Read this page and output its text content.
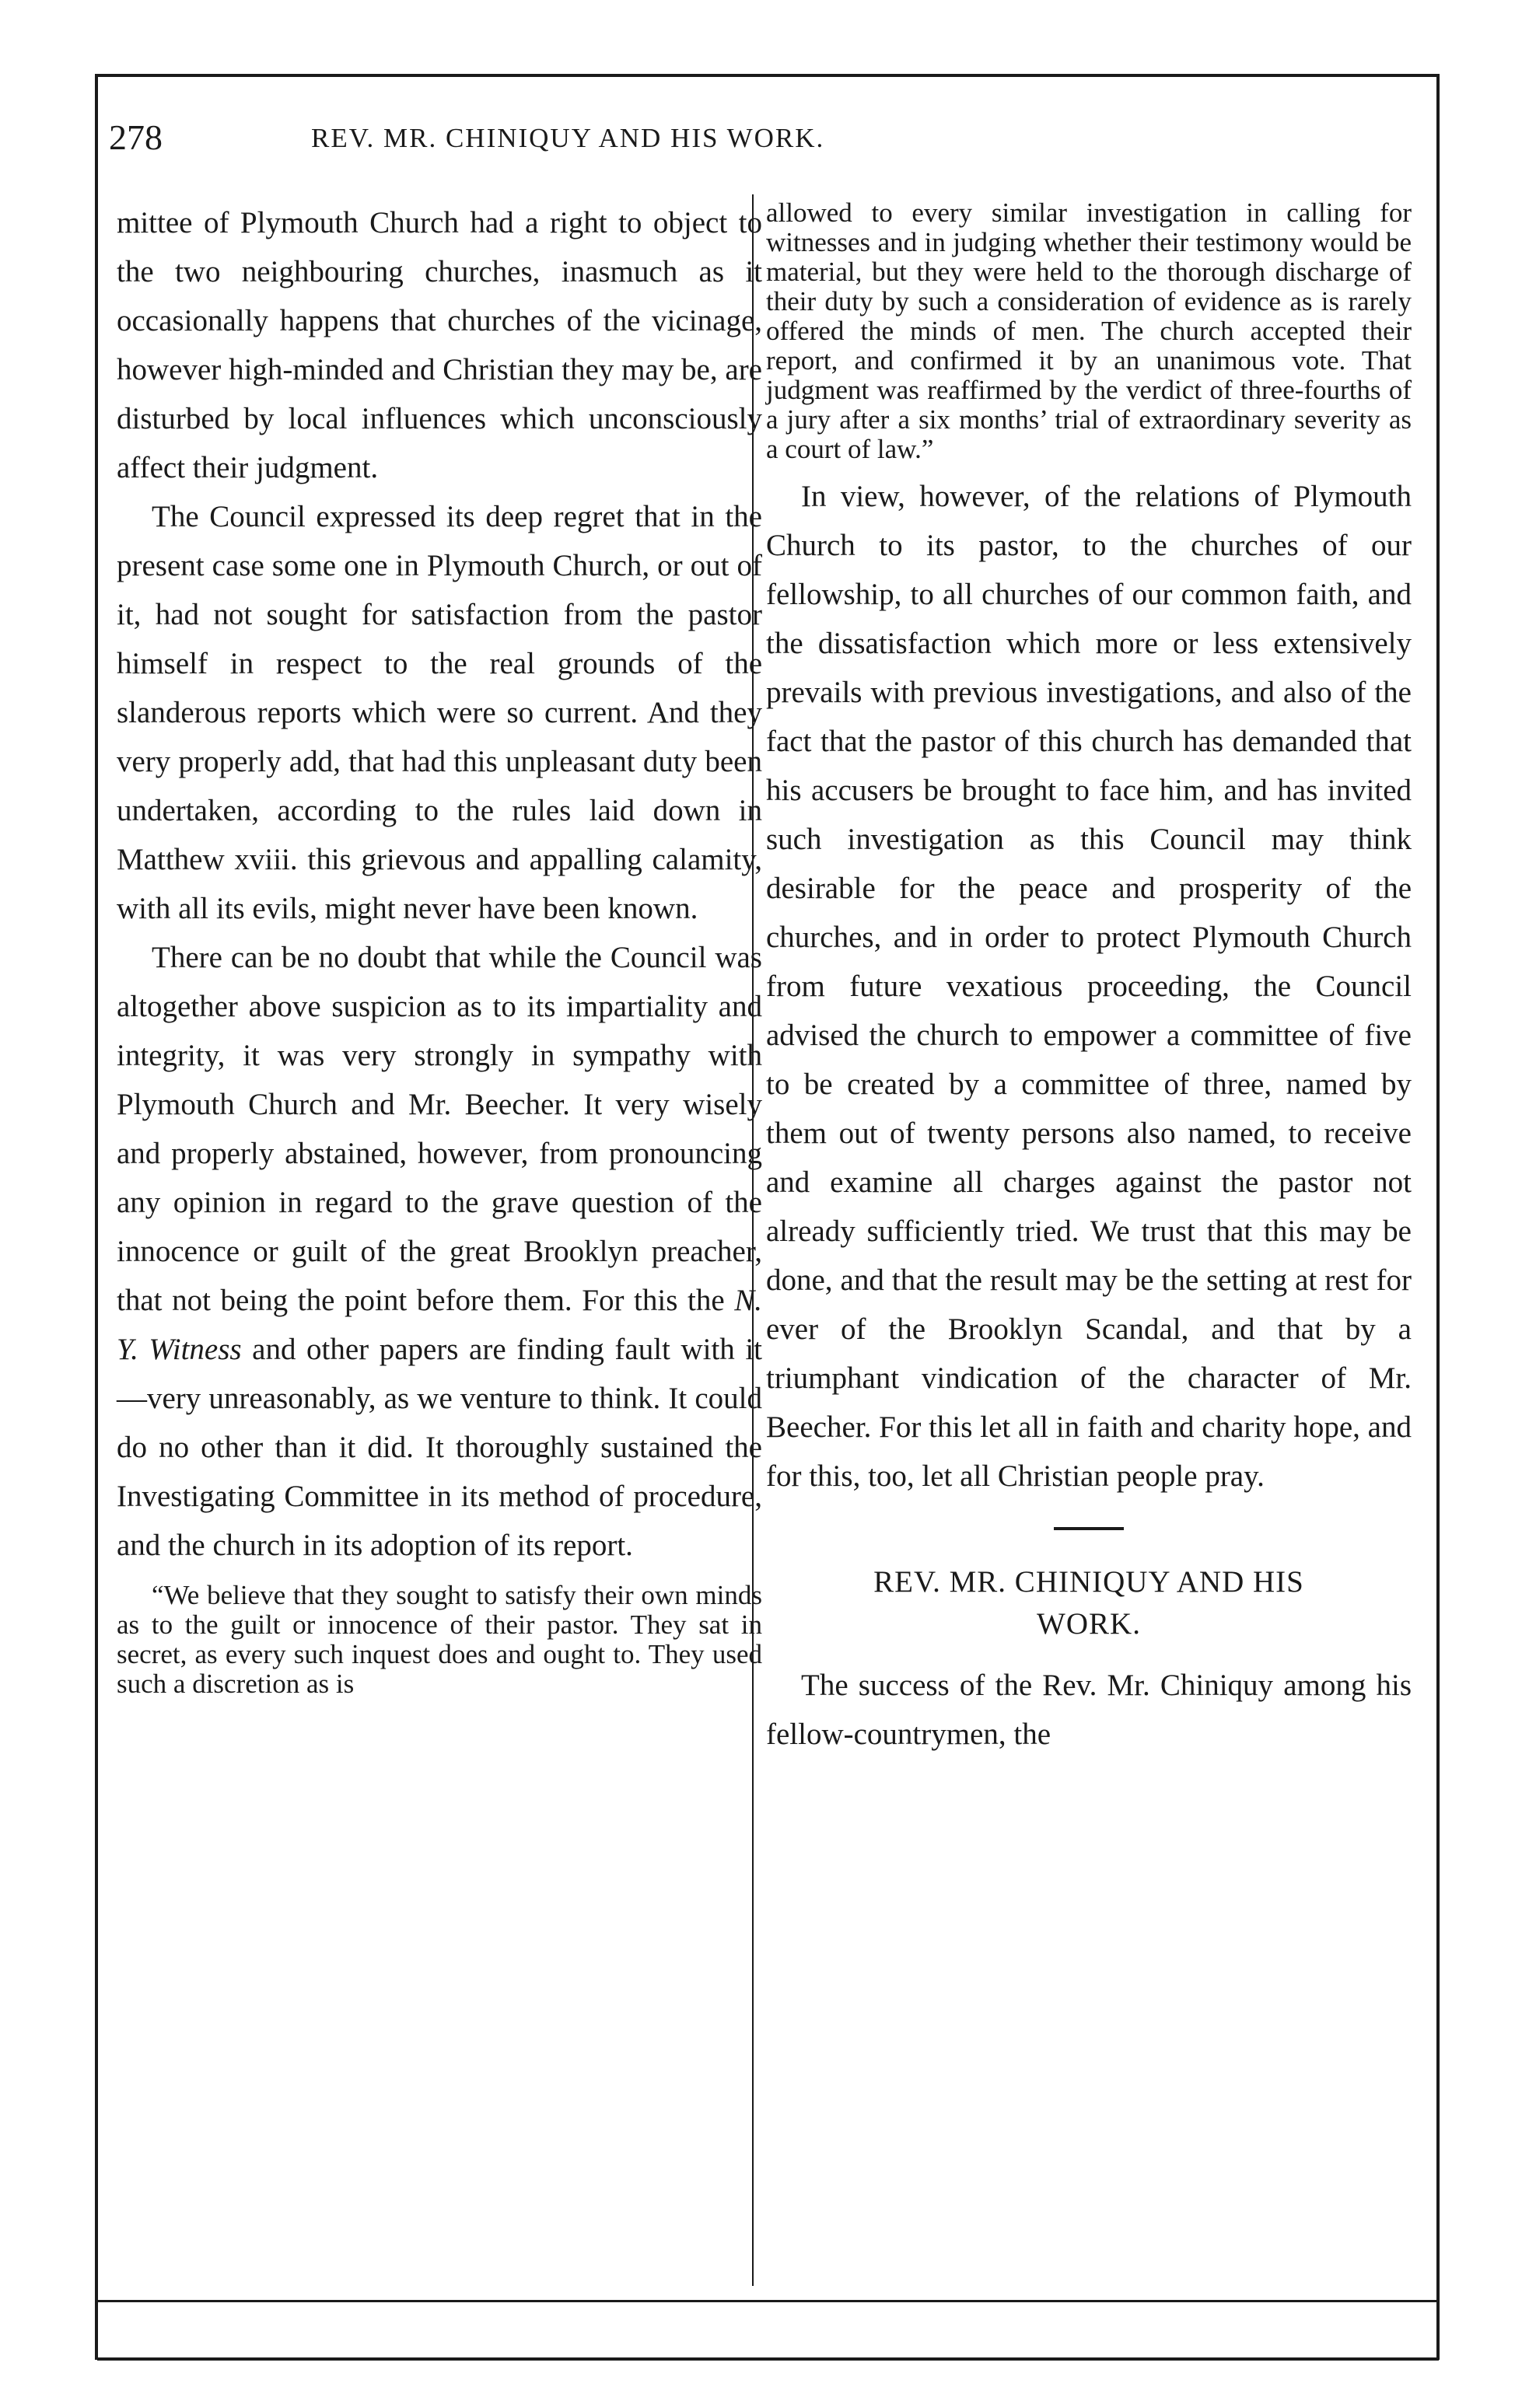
278	REV. MR. CHINIQUY AND HIS WORK.

mittee of Plymouth Church had a right to object to the two neighbouring churches, inasmuch as it occasionally happens that churches of the vicinage, however high-minded and Christian they may be, are disturbed by local influences which unconsciously affect their judgment.

The Council expressed its deep regret that in the present case some one in Plymouth Church, or out of it, had not sought for satisfaction from the pastor himself in respect to the real grounds of the slanderous reports which were so current. And they very properly add, that had this unpleasant duty been undertaken, according to the rules laid down in Matthew xviii. this grievous and appalling calamity, with all its evils, might never have been known.

There can be no doubt that while the Council was altogether above suspicion as to its impartiality and integrity, it was very strongly in sympathy with Plymouth Church and Mr. Beecher. It very wisely and properly abstained, however, from pronouncing any opinion in regard to the grave question of the innocence or guilt of the great Brooklyn preacher, that not being the point before them. For this the N. Y. Witness and other papers are finding fault with it—very unreasonably, as we venture to think. It could do no other than it did. It thoroughly sustained the Investigating Committee in its method of procedure, and the church in its adoption of its report.

“We believe that they sought to satisfy their own minds as to the guilt or innocence of their pastor. They sat in secret, as every such inquest does and ought to. They used such a discretion as is

allowed to every similar investigation in calling for witnesses and in judging whether their testimony would be material, but they were held to the thorough discharge of their duty by such a consideration of evidence as is rarely offered the minds of men. The church accepted their report, and confirmed it by an unanimous vote. That judgment was reaffirmed by the verdict of three-fourths of a jury after a six months’ trial of extraordinary severity as a court of law.”

In view, however, of the relations of Plymouth Church to its pastor, to the churches of our fellowship, to all churches of our common faith, and the dissatisfaction which more or less extensively prevails with previous investigations, and also of the fact that the pastor of this church has demanded that his accusers be brought to face him, and has invited such investigation as this Council may think desirable for the peace and prosperity of the churches, and in order to protect Plymouth Church from future vexatious proceeding, the Council advised the church to empower a committee of five to be created by a committee of three, named by them out of twenty persons also named, to receive and examine all charges against the pastor not already sufficiently tried. We trust that this may be done, and that the result may be the setting at rest for ever of the Brooklyn Scandal, and that by a triumphant vindication of the character of Mr. Beecher. For this let all in faith and charity hope, and for this, too, let all Christian people pray.

REV. MR. CHINIQUY AND HIS
WORK.

The success of the Rev. Mr. Chiniquy among his fellow-countrymen, the
